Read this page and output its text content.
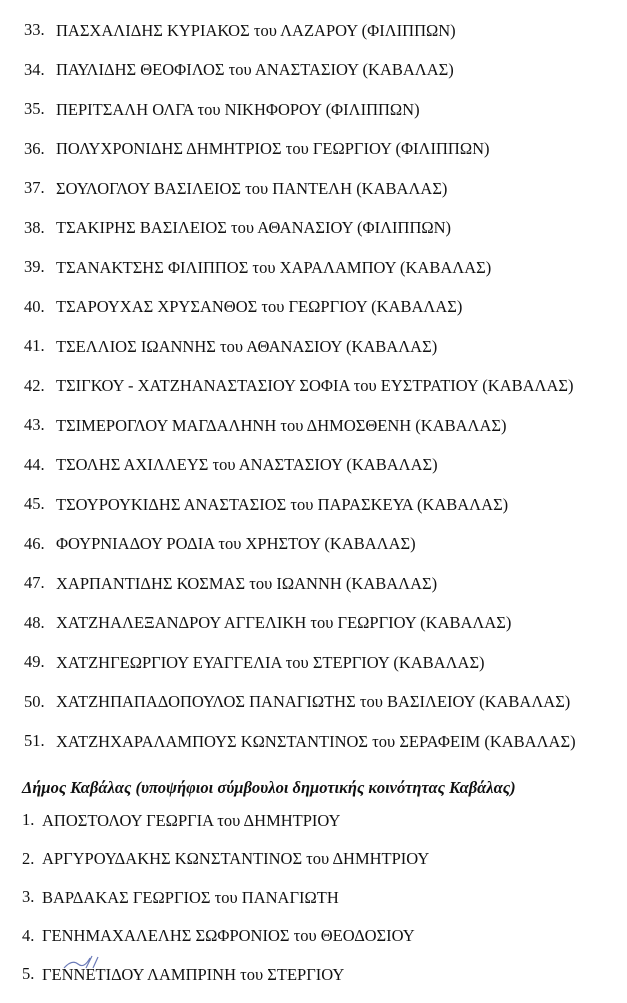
33. ΠΑΣΧΑΛΙΔΗΣ ΚΥΡΙΑΚΟΣ του ΛΑΖΑΡΟΥ (ΦΙΛΙΠΠΩΝ)
34. ΠΑΥΛΙΔΗΣ ΘΕΟΦΙΛΟΣ του ΑΝΑΣΤΑΣΙΟΥ (ΚΑΒΑΛΑΣ)
35. ΠΕΡΙΤΣΑΛΗ ΟΛΓΑ του ΝΙΚΗΦΟΡΟΥ (ΦΙΛΙΠΠΩΝ)
36. ΠΟΛΥΧΡΟΝΙΔΗΣ ΔΗΜΗΤΡΙΟΣ του ΓΕΩΡΓΙΟΥ (ΦΙΛΙΠΠΩΝ)
37. ΣΟΥΛΟΓΛΟΥ ΒΑΣΙΛΕΙΟΣ του ΠΑΝΤΕΛΗ (ΚΑΒΑΛΑΣ)
38. ΤΣΑΚΙΡΗΣ ΒΑΣΙΛΕΙΟΣ του ΑΘΑΝΑΣΙΟΥ (ΦΙΛΙΠΠΩΝ)
39. ΤΣΑΝΑΚΤΣΗΣ ΦΙΛΙΠΠΟΣ του ΧΑΡΑΛΑΜΠΟΥ (ΚΑΒΑΛΑΣ)
40. ΤΣΑΡΟΥΧΑΣ ΧΡΥΣΑΝΘΟΣ του ΓΕΩΡΓΙΟΥ (ΚΑΒΑΛΑΣ)
41. ΤΣΕΛΛΙΟΣ ΙΩΑΝΝΗΣ του ΑΘΑΝΑΣΙΟΥ (ΚΑΒΑΛΑΣ)
42. ΤΣΙΓΚΟΥ - ΧΑΤΖΗΑΝΑΣΤΑΣΙΟΥ ΣΟΦΙΑ του ΕΥΣΤΡΑΤΙΟΥ (ΚΑΒΑΛΑΣ)
43. ΤΣΙΜΕΡΟΓΛΟΥ ΜΑΓΔΑΛΗΝΗ του ΔΗΜΟΣΘΕΝΗ (ΚΑΒΑΛΑΣ)
44. ΤΣΟΛΗΣ ΑΧΙΛΛΕΥΣ του ΑΝΑΣΤΑΣΙΟΥ (ΚΑΒΑΛΑΣ)
45. ΤΣΟΥΡΟΥΚΙΔΗΣ ΑΝΑΣΤΑΣΙΟΣ του ΠΑΡΑΣΚΕΥΑ (ΚΑΒΑΛΑΣ)
46. ΦΟΥΡΝΙΑΔΟΥ ΡΟΔΙΑ του ΧΡΗΣΤΟΥ (ΚΑΒΑΛΑΣ)
47. ΧΑΡΠΑΝΤΙΔΗΣ ΚΟΣΜΑΣ του ΙΩΑΝΝΗ (ΚΑΒΑΛΑΣ)
48. ΧΑΤΖΗΑΛΕΞΑΝΔΡΟΥ ΑΓΓΕΛΙΚΗ του ΓΕΩΡΓΙΟΥ (ΚΑΒΑΛΑΣ)
49. ΧΑΤΖΗΓΕΩΡΓΙΟΥ ΕΥΑΓΓΕΛΙΑ του ΣΤΕΡΓΙΟΥ (ΚΑΒΑΛΑΣ)
50. ΧΑΤΖΗΠΑΠΑΔΟΠΟΥΛΟΣ ΠΑΝΑΓΙΩΤΗΣ του ΒΑΣΙΛΕΙΟΥ (ΚΑΒΑΛΑΣ)
51. ΧΑΤΖΗΧΑΡΑΛΑΜΠΟΥΣ ΚΩΝΣΤΑΝΤΙΝΟΣ του ΣΕΡΑΦΕΙΜ (ΚΑΒΑΛΑΣ)
Δήμος Καβάλας (υποψήφιοι σύμβουλοι δημοτικής κοινότητας Καβάλας)
1. ΑΠΟΣΤΟΛΟΥ ΓΕΩΡΓΙΑ του ΔΗΜΗΤΡΙΟΥ
2. ΑΡΓΥΡΟΥΔΑΚΗΣ ΚΩΝΣΤΑΝΤΙΝΟΣ του ΔΗΜΗΤΡΙΟΥ
3. ΒΑΡΔΑΚΑΣ ΓΕΩΡΓΙΟΣ του ΠΑΝΑΓΙΩΤΗ
4. ΓΕΝΗΜΑΧΑΛΕΛΗΣ ΣΩΦΡΟΝΙΟΣ του ΘΕΟΔΟΣΙΟΥ
5. ΓΕΝΝΕΤΙΔΟΥ ΛΑΜΠΡΙΝΗ του ΣΤΕΡΓΙΟΥ
